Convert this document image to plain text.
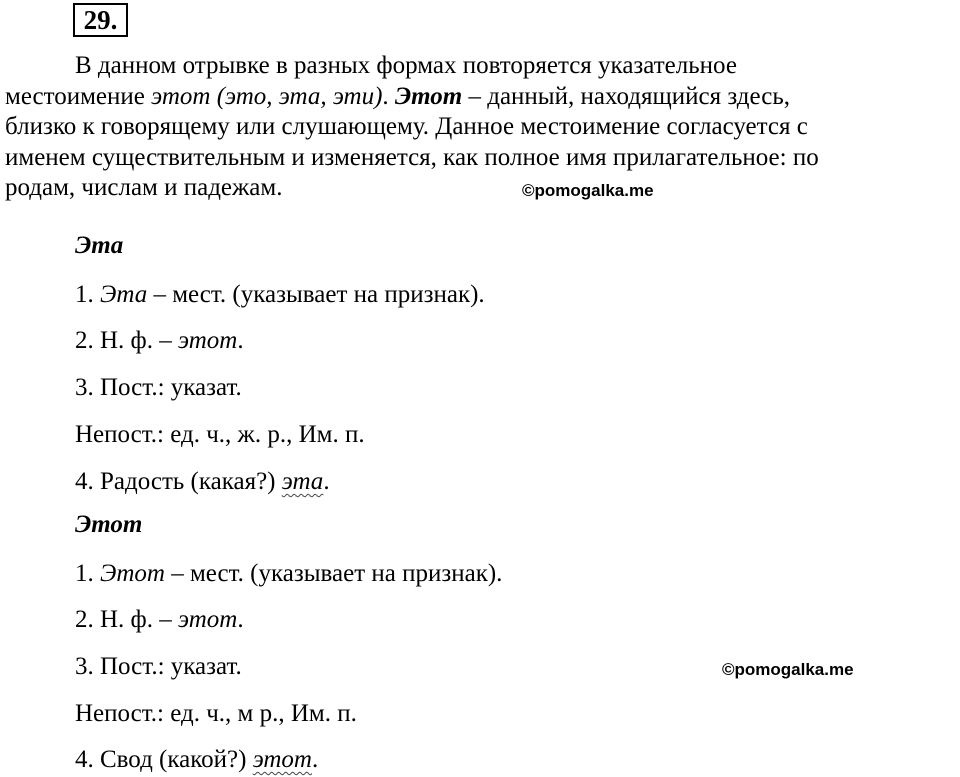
29.

В данном отрывке в разных формах повторяется указательное

местоимение этот (это, эта, эти). Этот – данный, находящийся здесь,

близко к говорящему или слушающему. Данное местоимение согласуется с

именем существительным и изменяется, как полное имя прилагательное: по

родам, числам и падежам.	©pomogalka.me
Эта
1. Эта – мест. (указывает на признак).
2. Н. ф. – этот.
3. Пост.: указат.
Непост.: ед. ч., ж. р., Им. п.
4. Радость (какая?) эта.
Этот
1. Этот – мест. (указывает на признак).
2. Н. ф. – этот.
3. Пост.: указат.
Непост.: ед. ч., м р., Им. п.
4. Свод (какой?) этот.
©pomogalka.me
